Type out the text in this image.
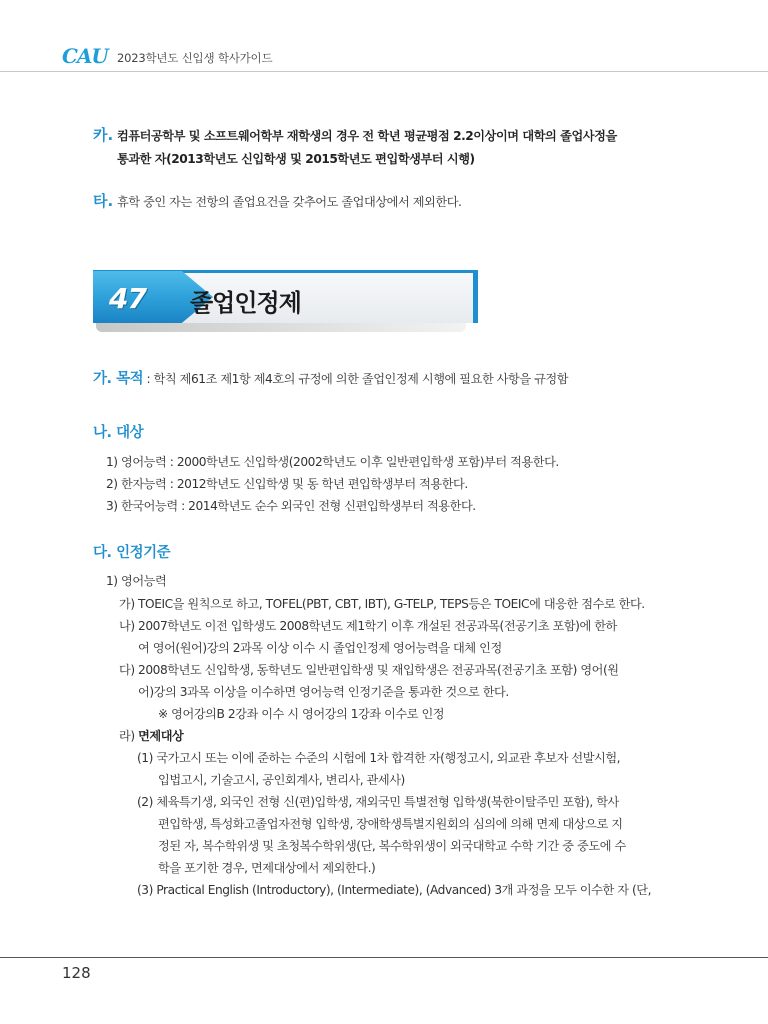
CAU 2023학년도 신입생 학사가이드
카. 컴퓨터공학부 및 소프트웨어학부 재학생의 경우 전 학년 평균평점 2.2이상이며 대학의 졸업사정을
통과한 자(2013학년도 신입학생 및 2015학년도 편입학생부터 시행)
타. 휴학 중인 자는 전항의 졸업요건을 갖추어도 졸업대상에서 제외한다.
47 졸업인정제
가. 목적 : 학칙 제61조 제1항 제4호의 규정에 의한 졸업인정제 시행에 필요한 사항을 규정함
나. 대상
1) 영어능력 : 2000학년도 신입학생(2002학년도 이후 일반편입학생 포함)부터 적용한다.
2) 한자능력 : 2012학년도 신입학생 및 동 학년 편입학생부터 적용한다.
3) 한국어능력 : 2014학년도 순수 외국인 전형 신편입학생부터 적용한다.
다. 인정기준
1) 영어능력
가) TOEIC을 원칙으로 하고, TOFEL(PBT, CBT, IBT), G-TELP, TEPS등은 TOEIC에 대응한 점수로 한다.
나) 2007학년도 이전 입학생도 2008학년도 제1학기 이후 개설된 전공과목(전공기초 포함)에 한하
여 영어(원어)강의 2과목 이상 이수 시 졸업인정제 영어능력을 대체 인정
다) 2008학년도 신입학생, 동학년도 일반편입학생 및 재입학생은 전공과목(전공기초 포함) 영어(원
어)강의 3과목 이상을 이수하면 영어능력 인정기준을 통과한 것으로 한다.
※ 영어강의B 2강좌 이수 시 영어강의 1강좌 이수로 인정
라) 면제대상
(1) 국가고시 또는 이에 준하는 수준의 시험에 1차 합격한 자(행정고시, 외교관 후보자 선발시험,
입법고시, 기술고시, 공인회계사, 변리사, 관세사)
(2) 체육특기생, 외국인 전형 신(편)입학생, 재외국민 특별전형 입학생(북한이탈주민 포함), 학사
편입학생, 특성화고졸업자전형 입학생, 장애학생특별지원회의 심의에 의해 면제 대상으로 지
정된 자, 복수학위생 및 초청복수학위생(단, 복수학위생이 외국대학교 수학 기간 중 중도에 수
학을 포기한 경우, 면제대상에서 제외한다.)
(3) Practical English (Introductory), (Intermediate), (Advanced) 3개 과정을 모두 이수한 자 (단,
128
